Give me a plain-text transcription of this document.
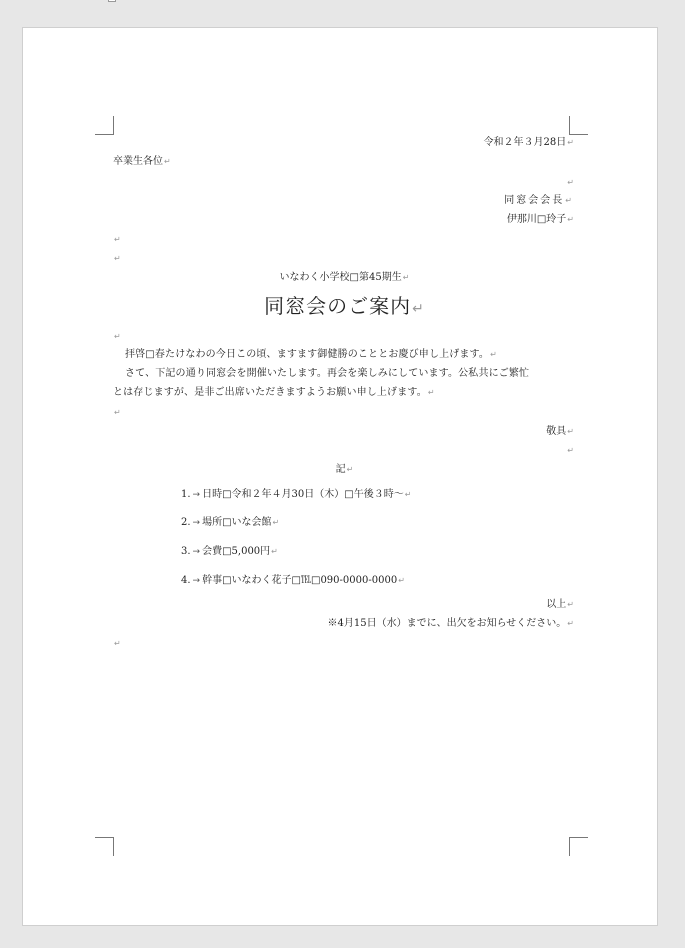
令和２年３月28日↵
卒業生各位↵
↵
同窓会会長↵
伊那川□玲子↵
↵
↵
いなわく小学校□第45期生↵
同窓会のご案内↵
↵
拝啓□春たけなわの今日この頃、ますます御健勝のこととお慶び申し上げます。↵
さて、下記の通り同窓会を開催いたします。再会を楽しみにしています。公私共にご繁忙
とは存じますが、是非ご出席いただきますようお願い申し上げます。↵
↵
敬具↵
↵
記↵
1. → 日時□令和２年４月30日（木）□午後３時～↵
2. → 場所□いな会館↵
3. → 会費□5,000円↵
4. → 幹事□いなわく花子□℡□090-0000-0000↵
以上↵
※4月15日（水）までに、出欠をお知らせください。↵
↵
